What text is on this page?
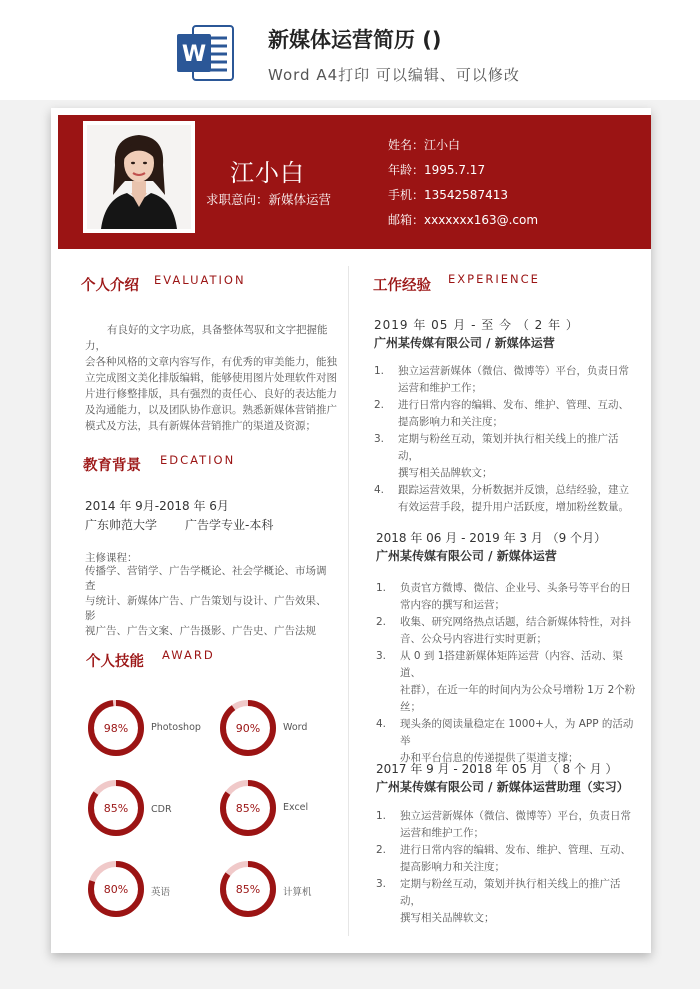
W
新媒体运营简历 ()
Word A4打印 可以编辑、可以修改
江小白
求职意向：新媒体运营
姓名：江小白
年龄：1995.7.17
手机：13542587413
邮箱：xxxxxxx163@.com
个人介绍 EVALUATION
有良好的文字功底，具备整体驾驭和文字把握能力，
会各种风格的文章内容写作，有优秀的审美能力，能独
立完成图文美化排版编辑，能够使用图片处理软件对图
片进行修整排版，具有强烈的责任心、良好的表达能力
及沟通能力，以及团队协作意识。熟悉新媒体营销推广
模式及方法，具有新媒体营销推广的渠道及资源；
教育背景 EDCATION
2014 年 9月-2018 年 6月
广东帅范大学 广告学专业-本科
主修课程：
传播学、营销学、广告学概论、社会学概论、市场调查
与统计、新媒体广告、广告策划与设计、广告效果、影
视广告、广告文案、广告摄影、广告史、广告法规
个人技能 AWARD
工作经验 EXPERIENCE
2019 年 05 月 - 至 今 （ 2 年 ）
广州某传媒有限公司 / 新媒体运营
1. 独立运营新媒体（微信、微博等）平台，负责日常
运营和维护工作；
2. 进行日常内容的编辑、发布、维护、管理、互动、
提高影响力和关注度；
3. 定期与粉丝互动，策划并执行相关线上的推广活动，
撰写相关品牌软文；
4. 跟踪运营效果，分析数据并反馈，总结经验，建立
有效运营手段，提升用户活跃度，增加粉丝数量。
2018 年 06 月 - 2019 年 3 月 （9 个月）
广州某传媒有限公司 / 新媒体运营
1. 负责官方微博、微信、企业号、头条号等平台的日
常内容的撰写和运营；
2. 收集、研究网络热点话题，结合新媒体特性，对抖
音、公众号内容进行实时更新；
3. 从 0 到 1搭建新媒体矩阵运营（内容、活动、渠道、
社群），在近一年的时间内为公众号增粉 1万 2个粉
丝；
4. 现头条的阅读量稳定在 1000+人，为 APP 的活动举
办和平台信息的传递提供了渠道支撑；
2017 年 9 月 - 2018 年 05 月 （ 8 个 月 ）
广州某传媒有限公司 / 新媒体运营助理（实习）
1. 独立运营新媒体（微信、微博等）平台，负责日常
运营和维护工作；
2. 进行日常内容的编辑、发布、维护、管理、互动、
提高影响力和关注度；
3. 定期与粉丝互动，策划并执行相关线上的推广活动，
撰写相关品牌软文；
98% Photoshop	90% Word
85% CDR	85% Excel
80% 英语	85% 计算机
